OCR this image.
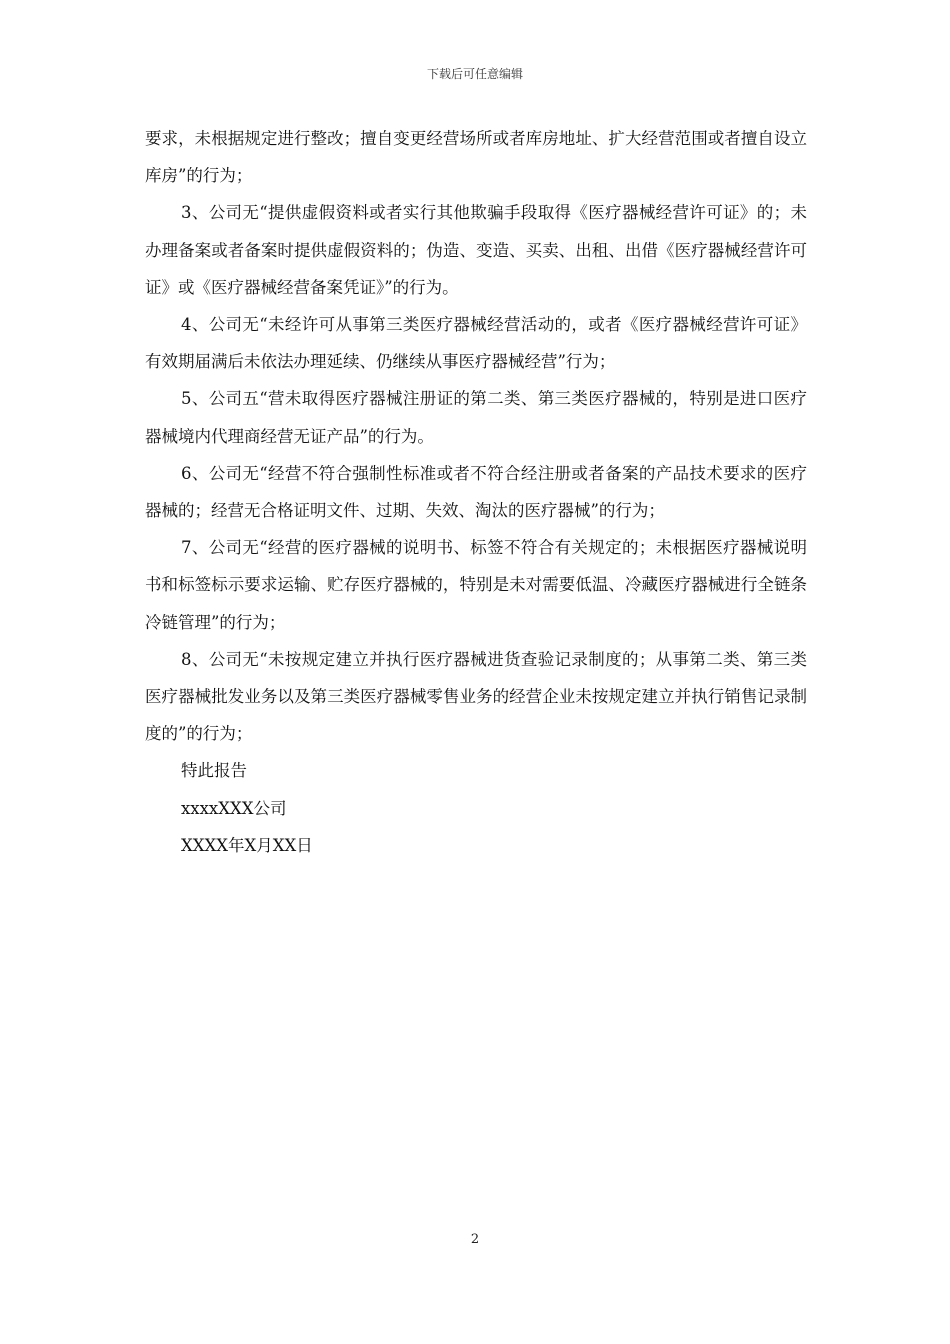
下载后可任意编辑

要求，未根据规定进行整改；擅自变更经营场所或者库房地址、扩大经营范围或者擅自设立库房”的行为；

3、公司无“提供虚假资料或者实行其他欺骗手段取得《医疗器械经营许可证》的；未办理备案或者备案时提供虚假资料的；伪造、变造、买卖、出租、出借《医疗器械经营许可证》或《医疗器械经营备案凭证》”的行为。

4、公司无“未经许可从事第三类医疗器械经营活动的，或者《医疗器械经营许可证》有效期届满后未依法办理延续、仍继续从事医疗器械经营”行为；

5、公司五“营未取得医疗器械注册证的第二类、第三类医疗器械的，特别是进口医疗器械境内代理商经营无证产品”的行为。

6、公司无“经营不符合强制性标准或者不符合经注册或者备案的产品技术要求的医疗器械的；经营无合格证明文件、过期、失效、淘汰的医疗器械”的行为；

7、公司无“经营的医疗器械的说明书、标签不符合有关规定的；未根据医疗器械说明书和标签标示要求运输、贮存医疗器械的，特别是未对需要低温、冷藏医疗器械进行全链条冷链管理”的行为；

8、公司无“未按规定建立并执行医疗器械进货查验记录制度的；从事第二类、第三类医疗器械批发业务以及第三类医疗器械零售业务的经营企业未按规定建立并执行销售记录制度的”的行为；

特此报告

xxxxXXX公司

XXXX年X月XX日

2
